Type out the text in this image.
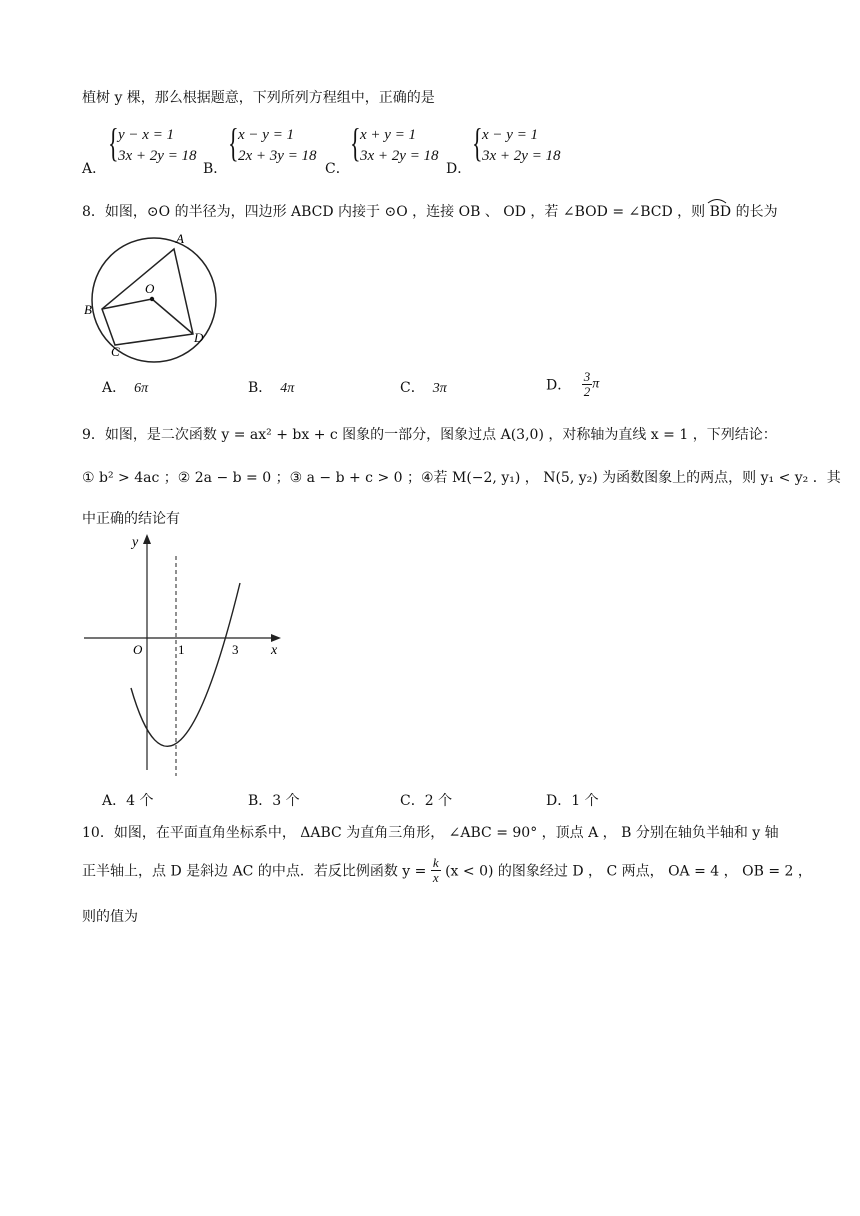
植树 y 棵，那么根据题意，下列所列方程组中，正确的是
A．
{ y − x = 1
3x + 2y = 18
B．
{ x − y = 1
2x + 3y = 18
C．
{ x + y = 1
3x + 2y = 18
D．
{ x − y = 1
3x + 2y = 18
8．如图，⊙O 的半径为，四边形 ABCD 内接于 ⊙O ，连接 OB 、 OD ，若 ∠BOD = ∠BCD ，则 BD 的长为
A
B
C
D
O
A． 6π	B． 4π	C． 3π	D． $\frac{3}{2}$ π
9．如图，是二次函数 y = ax² + bx + c 图象的一部分，图象过点 A(3,0) ，对称轴为直线 x = 1 ，下列结论：
① b² > 4ac ；② 2a − b = 0 ；③ a − b + c > 0 ；④若 M(−2, y₁) ， N(5, y₂) 为函数图象上的两点，则 y₁ < y₂ ．其
中正确的结论有
y
x
O	1	3
A．4 个	B．3 个	C．2 个	D．1 个
10．如图，在平面直角坐标系中， ΔABC 为直角三角形， ∠ABC = 90° ，顶点 A ， B 分别在轴负半轴和 y 轴
正半轴上，点 D 是斜边 AC 的中点．若反比例函数 $y = \frac{k}{x} (x < 0)$ 的图象经过 D ， C 两点， OA = 4 ， OB = 2 ，
则的值为
